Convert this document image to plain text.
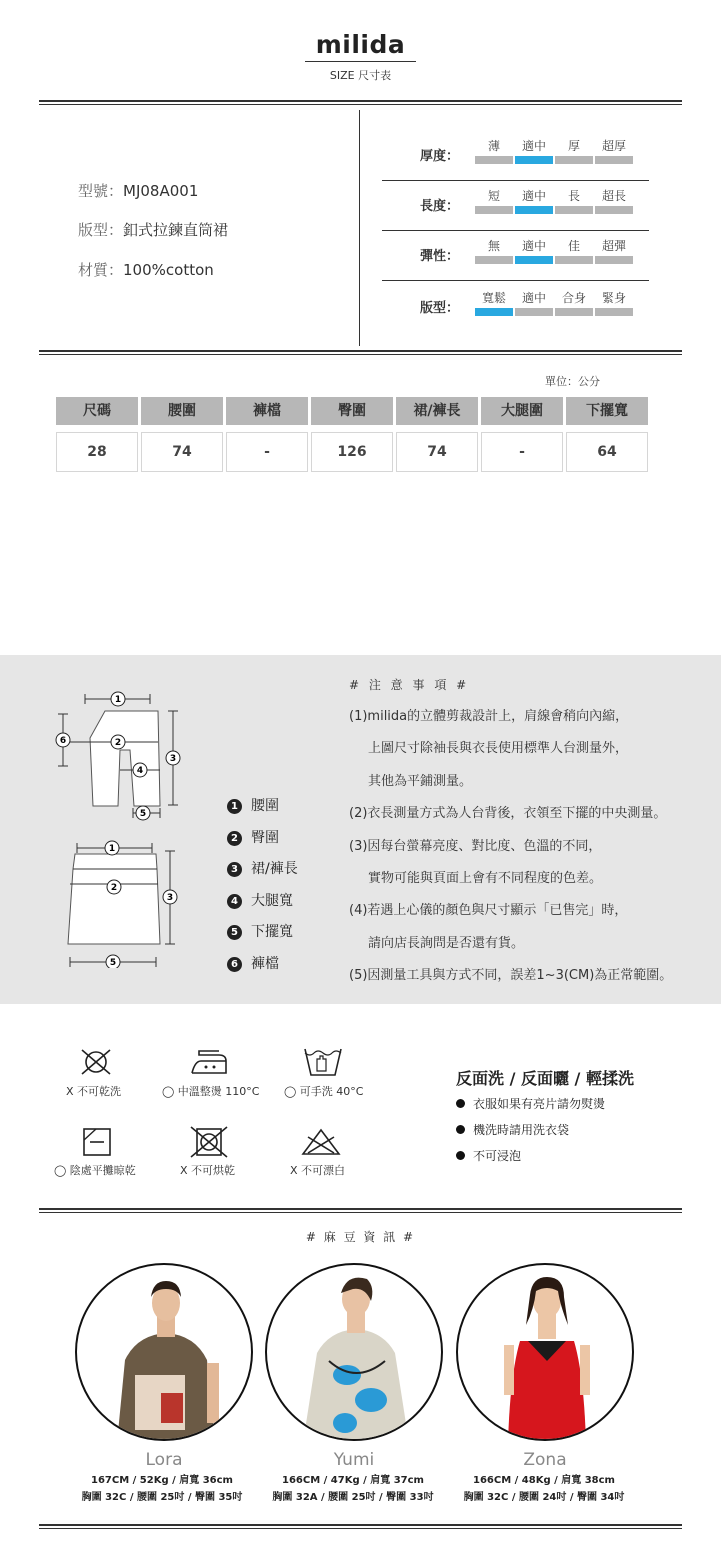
milida
SIZE 尺寸表
型號：MJ08A001
版型：釦式拉鍊直筒裙
材質：100%cotton
厚度：
薄	適中	厚	超厚
長度：
短	適中	長	超長
彈性：
無	適中	佳	超彈
版型：
寬鬆	適中	合身	緊身
單位：公分
尺碼	腰圍	褲檔	臀圍	裙/褲長	大腿圍	下擺寬
28	74	-	126	74	-	64
1
6	2
3
4
5
1
2
3
5
1 腰圍
2 臀圍
3 裙/褲長
4 大腿寬
5 下擺寬
6 褲檔
# 注 意 事 項 #
(1)milida的立體剪裁設計上，肩線會稍向內縮，
上圖尺寸除袖長與衣長使用標準人台測量外，
其他為平鋪測量。
(2)衣長測量方式為人台背後，衣領至下擺的中央測量。
(3)因每台螢幕亮度、對比度、色溫的不同，
實物可能與頁面上會有不同程度的色差。
(4)若遇上心儀的顏色與尺寸顯示「已售完」時，
請向店長詢問是否還有貨。
(5)因測量工具與方式不同，誤差1~3(CM)為正常範圍。
X 不可乾洗	◯ 中溫整燙 110°C ◯ 可手洗 40°C
◯ 陰處平攤晾乾	X 不可烘乾	X 不可漂白
反面洗 / 反面曬 / 輕揉洗
衣服如果有亮片請勿熨燙
機洗時請用洗衣袋
不可浸泡
# 麻 豆 資 訊 #
Lora	Yumi	Zona
167CM / 52Kg / 肩寬 36cm
胸圍 32C / 腰圍 25吋 / 臀圍 35吋
166CM / 47Kg / 肩寬 37cm
胸圍 32A / 腰圍 25吋 / 臀圍 33吋
166CM / 48Kg / 肩寬 38cm
胸圍 32C / 腰圍 24吋 / 臀圍 34吋
